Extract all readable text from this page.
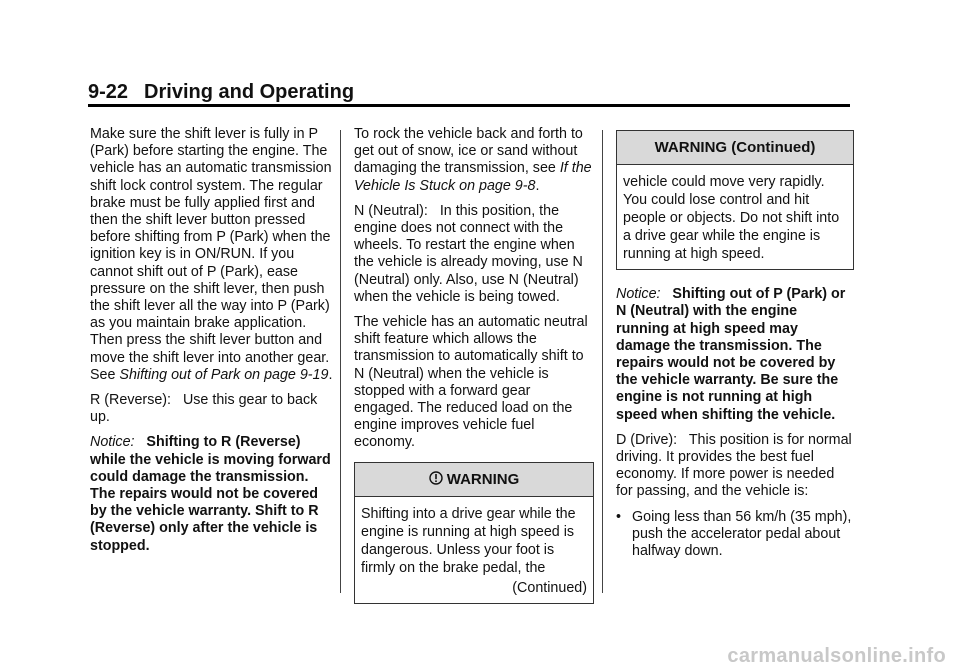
9-22 Driving and Operating

Make sure the shift lever is fully in P (Park) before starting the engine. The vehicle has an automatic transmission shift lock control system. The regular brake must be fully applied first and then the shift lever button pressed before shifting from P (Park) when the ignition key is in ON/RUN. If you cannot shift out of P (Park), ease pressure on the shift lever, then push the shift lever all the way into P (Park) as you maintain brake application. Then press the shift lever button and move the shift lever into another gear. See Shifting out of Park on page 9-19.

R (Reverse): Use this gear to back up.

Notice: Shifting to R (Reverse) while the vehicle is moving forward could damage the transmission. The repairs would not be covered by the vehicle warranty. Shift to R (Reverse) only after the vehicle is stopped.

To rock the vehicle back and forth to get out of snow, ice or sand without damaging the transmission, see If the Vehicle Is Stuck on page 9-8.

N (Neutral): In this position, the engine does not connect with the wheels. To restart the engine when the vehicle is already moving, use N (Neutral) only. Also, use N (Neutral) when the vehicle is being towed.

The vehicle has an automatic neutral shift feature which allows the transmission to automatically shift to N (Neutral) when the vehicle is stopped with a forward gear engaged. The reduced load on the engine improves vehicle fuel economy.

WARNING
Shifting into a drive gear while the engine is running at high speed is dangerous. Unless your foot is firmly on the brake pedal, the
(Continued)
WARNING (Continued)
vehicle could move very rapidly. You could lose control and hit people or objects. Do not shift into a drive gear while the engine is running at high speed.

Notice: Shifting out of P (Park) or N (Neutral) with the engine running at high speed may damage the transmission. The repairs would not be covered by the vehicle warranty. Be sure the engine is not running at high speed when shifting the vehicle.

D (Drive): This position is for normal driving. It provides the best fuel economy. If more power is needed for passing, and the vehicle is:

• Going less than 56 km/h (35 mph), push the accelerator pedal about halfway down.
carmanualsonline.info
